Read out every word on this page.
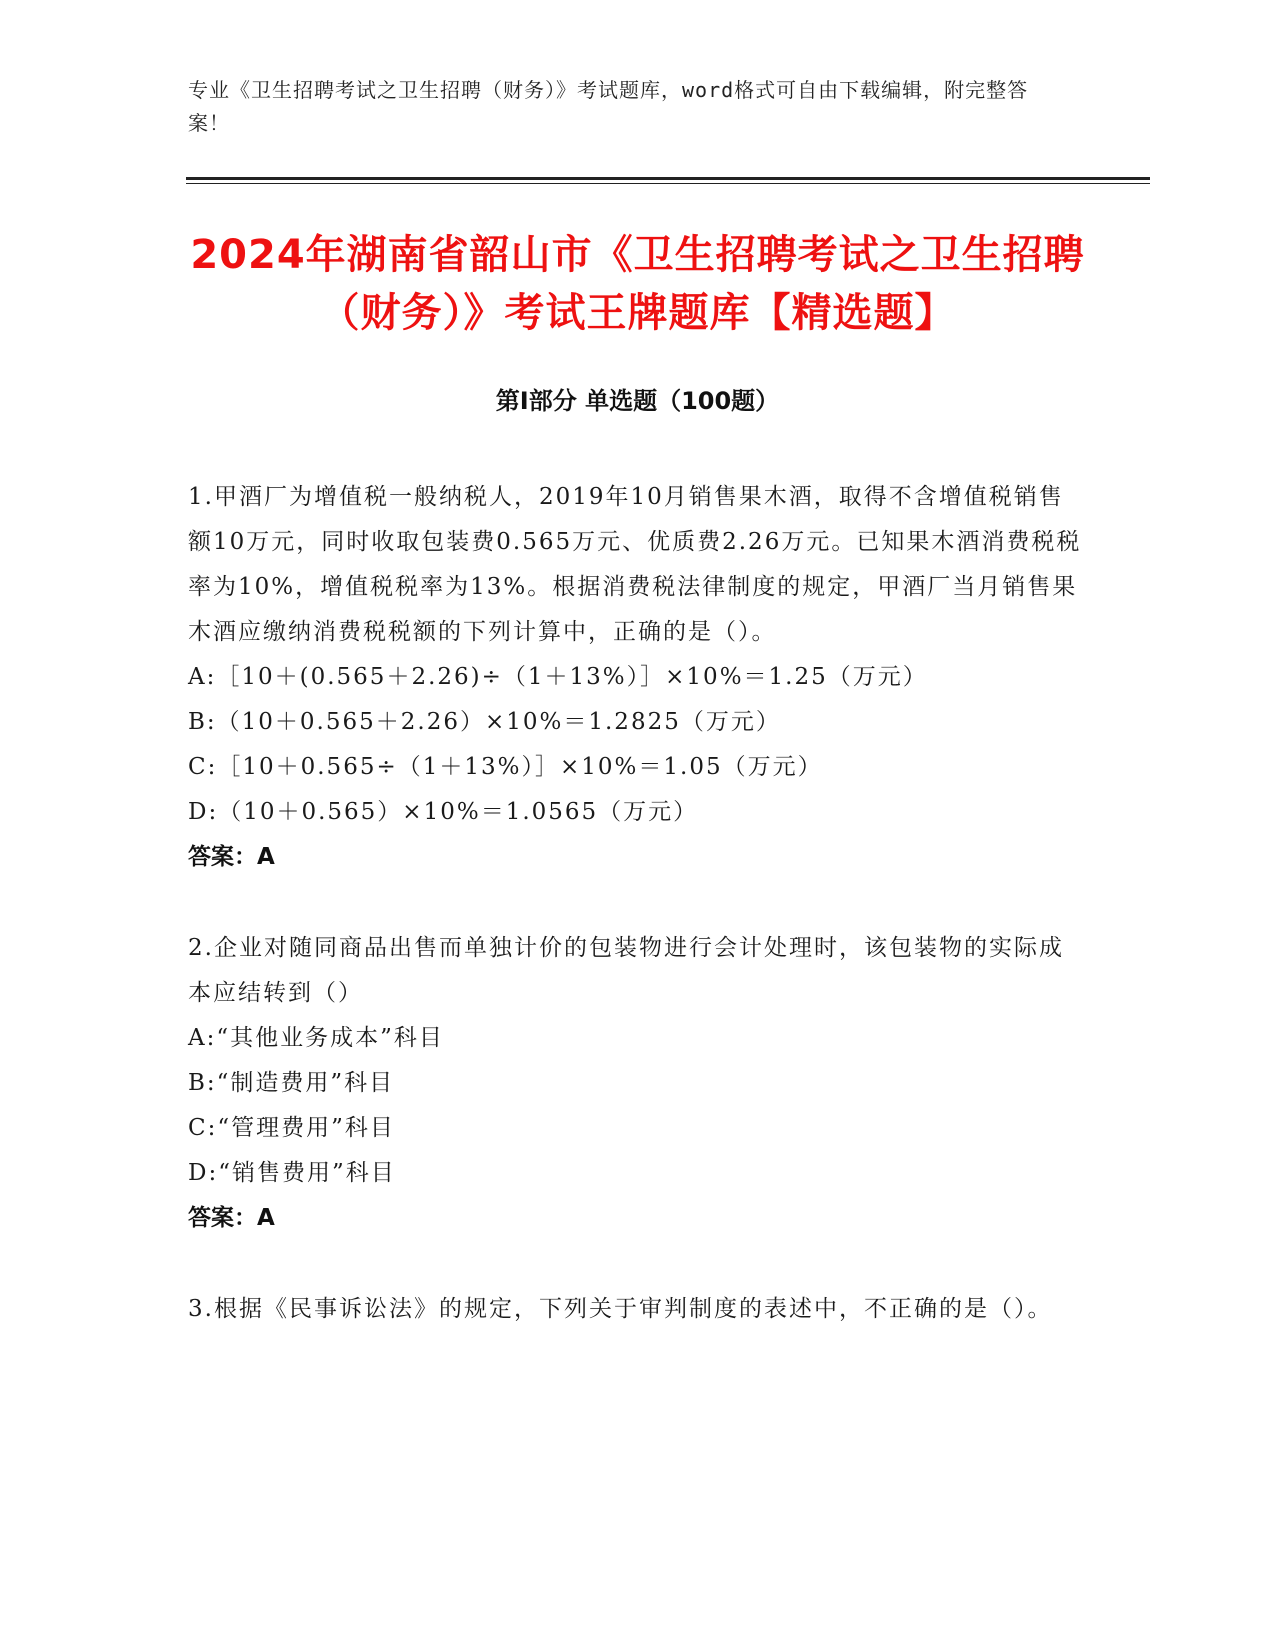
专业《卫生招聘考试之卫生招聘（财务）》考试题库，word格式可自由下载编辑，附完整答案！
2024年湖南省韶山市《卫生招聘考试之卫生招聘（财务）》考试王牌题库【精选题】
第I部分 单选题（100题）
1.甲酒厂为增值税一般纳税人，2019年10月销售果木酒，取得不含增值税销售额10万元，同时收取包装费0.565万元、优质费2.26万元。已知果木酒消费税税率为10%，增值税税率为13%。根据消费税法律制度的规定，甲酒厂当月销售果木酒应缴纳消费税税额的下列计算中，正确的是（）。
A:［10＋(0.565＋2.26)÷（1＋13%）］×10%＝1.25（万元）
B:（10＋0.565＋2.26）×10%＝1.2825（万元）
C:［10＋0.565÷（1＋13%）］×10%＝1.05（万元）
D:（10＋0.565）×10%＝1.0565（万元）
答案：A
2.企业对随同商品出售而单独计价的包装物进行会计处理时，该包装物的实际成本应结转到（）
A:“其他业务成本”科目
B:“制造费用”科目
C:“管理费用”科目
D:“销售费用”科目
答案：A
3.根据《民事诉讼法》的规定，下列关于审判制度的表述中，不正确的是（）。
